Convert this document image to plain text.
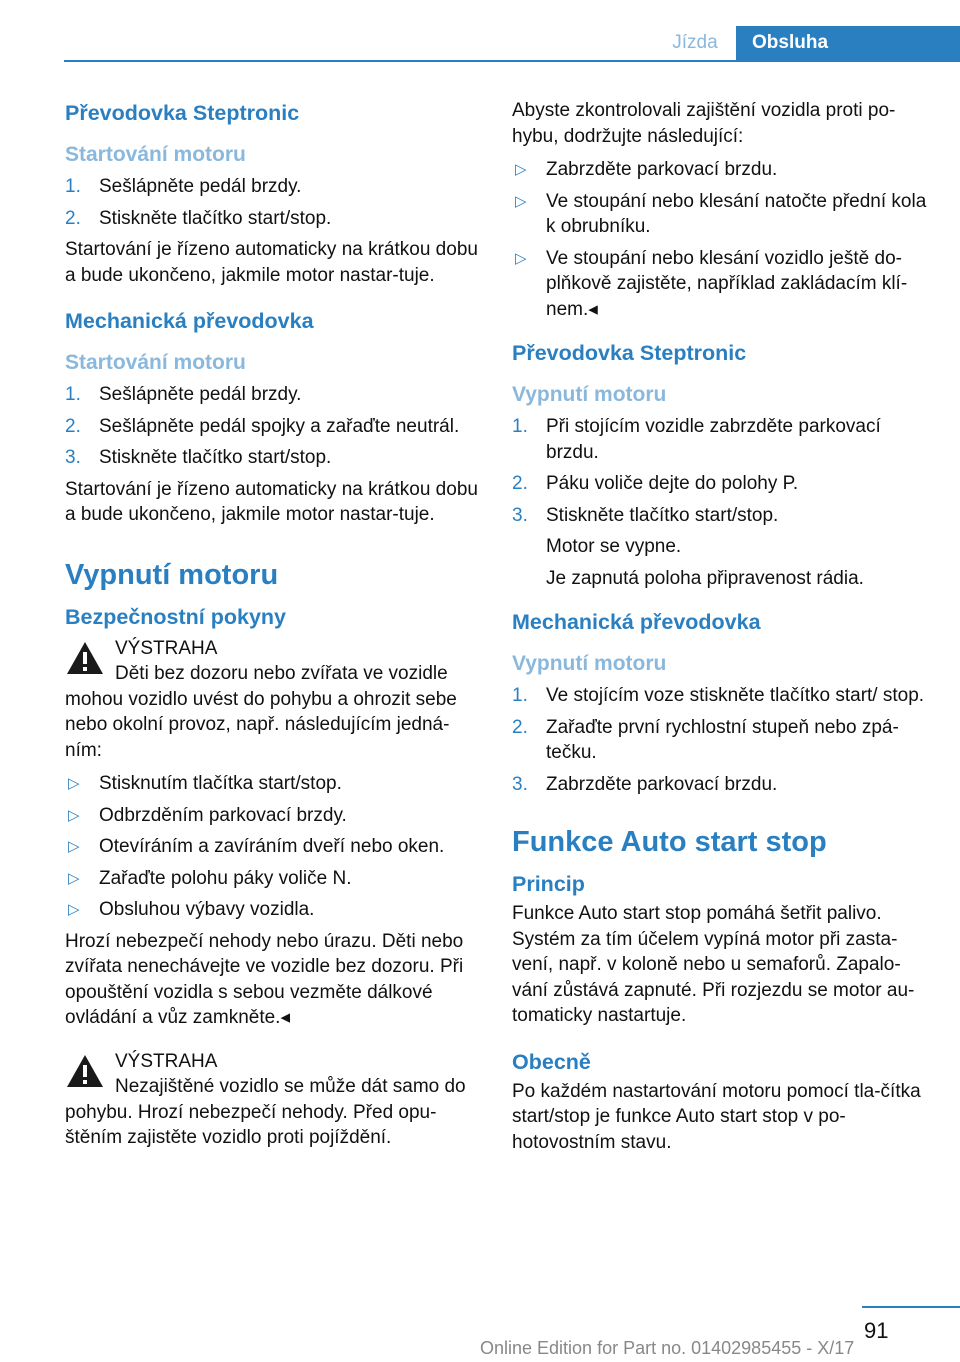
Jízda	Obsluha
Převodovka Steptronic
Startování motoru
1. Sešlápněte pedál brzdy.
2. Stiskněte tlačítko start/stop.
Startování je řízeno automaticky na krátkou dobu a bude ukončeno, jakmile motor nastar-tuje.
Mechanická převodovka
Startování motoru
1. Sešlápněte pedál brzdy.
2. Sešlápněte pedál spojky a zařaďte neutrál.
3. Stiskněte tlačítko start/stop.
Startování je řízeno automaticky na krátkou dobu a bude ukončeno, jakmile motor nastar-tuje.
Vypnutí motoru
Bezpečnostní pokyny
VÝSTRAHA
Děti bez dozoru nebo zvířata ve vozidle
mohou vozidlo uvést do pohybu a ohrozit sebe nebo okolní provoz, např. následujícím jedná-ním:
▷	Stisknutím tlačítka start/stop.
▷	Odbrzděním parkovací brzdy.
▷	Otevíráním a zavíráním dveří nebo oken.
▷	Zařaďte polohu páky voliče N.
▷	Obsluhou výbavy vozidla.
Hrozí nebezpečí nehody nebo úrazu. Děti nebo zvířata nenechávejte ve vozidle bez dozoru. Při opouštění vozidla s sebou vezměte dálkové ovládání a vůz zamkněte.◂
VÝSTRAHA
Nezajištěné vozidlo se může dát samo do
pohybu. Hrozí nebezpečí nehody. Před opu-štěním zajistěte vozidlo proti pojíždění.
Abyste zkontrolovali zajištění vozidla proti po-hybu, dodržujte následující:
▷	Zabrzděte parkovací brzdu.
▷	Ve stoupání nebo klesání natočte přední kola k obrubníku.
▷	Ve stoupání nebo klesání vozidlo ještě do-plňkově zajistěte, například zakládacím klí-nem.◂
Převodovka Steptronic
Vypnutí motoru
1. Při stojícím vozidle zabrzděte parkovací brzdu.
2. Páku voliče dejte do polohy P.
3. Stiskněte tlačítko start/stop.
Motor se vypne.
Je zapnutá poloha připravenost rádia.
Mechanická převodovka
Vypnutí motoru
1. Ve stojícím voze stiskněte tlačítko start/ stop.
2. Zařaďte první rychlostní stupeň nebo zpá-tečku.
3. Zabrzděte parkovací brzdu.
Funkce Auto start stop
Princip
Funkce Auto start stop pomáhá šetřit palivo. Systém za tím účelem vypíná motor při zasta-vení, např. v koloně nebo u semaforů. Zapalo-vání zůstává zapnuté. Při rozjezdu se motor au-tomaticky nastartuje.
Obecně
Po každém nastartování motoru pomocí tla-čítka start/stop je funkce Auto start stop v po-hotovostním stavu.
91
Online Edition for Part no. 01402985455 - X/17
